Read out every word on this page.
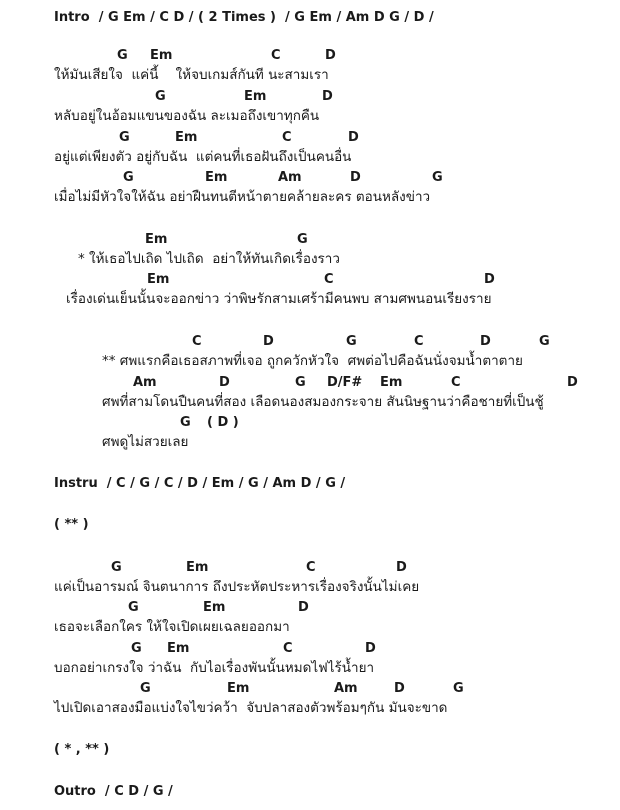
Intro  / G Em / C D / ( 2 Times )  / G Em / Am D G / D /
G Em	C	D
ให้มันเสียใจ  แค่นี้    ให้จบเกมส์กันที นะสามเรา
G	Em	D
หลับอยู่ในอ้อมแขนของฉัน ละเมอถึงเขาทุกคืน
G	Em	C	D
อยู่แต่เพียงตัว อยู่กับฉัน  แต่คนที่เธอฝันถึงเป็นคนอื่น
G	Em	Am	D	G
เมื่อไม่มีหัวใจให้ฉัน อย่าฝืนทนตีหน้าตายคล้ายละคร ตอนหลังข่าว
Em	G
* ให้เธอไปเถิด ไปเถิด  อย่าให้ทันเกิดเรื่องราว
Em	C	D
เรื่องเด่นเย็นนั้นจะออกข่าว ว่าพิษรักสามเศร้ามีคนพบ สามศพนอนเรียงราย
C	D	G	C	D	G
** ศพแรกคือเธอสภาพที่เจอ ถูกควักหัวใจ  ศพต่อไปคือฉันนั่งจมน้ำตาตาย
Am	D	G D/F# Em	C	D
ศพที่สามโดนปืนคนที่สอง เลือดนองสมองกระจาย สันนิษฐานว่าคือชายที่เป็นชู้
G ( D )
ศพดูไม่สวยเลย
G	Em	C	D
แค่เป็นอารมณ์ จินตนาการ ถึงประหัตประหารเรื่องจริงนั้นไม่เคย
G	Em	D
เธอจะเลือกใคร ให้ใจเปิดเผยเฉลยออกมา
G Em	C	D
บอกอย่าเกรงใจ ว่าฉัน  กับไอเรื่องพันนั้นหมดไฟไร้น้ำยา
G	Em	Am	D	G
ไปเปิดเอาสองมือแบ่งใจไขว่คว้า  จับปลาสองตัวพร้อมๆกัน มันจะขาด
Instru  / C / G / C / D / Em / G / Am D / G /
( ** )
( * , ** )
Outro  / C D / G /
